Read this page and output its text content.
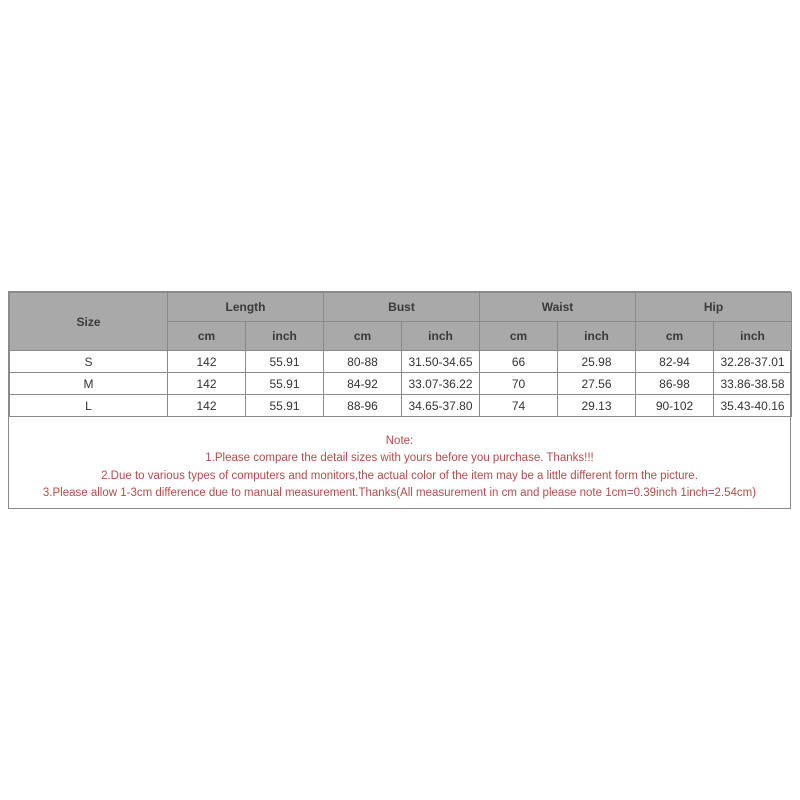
Size	Length		Bust		Waist		Hip	
	cm	inch	cm	inch	cm	inch	cm	inch
S	142	55.91	80-88	31.50-34.65	66	25.98	82-94	32.28-37.01
M	142	55.91	84-92	33.07-36.22	70	27.56	86-98	33.86-38.58
L	142	55.91	88-96	34.65-37.80	74	29.13	90-102	35.43-40.16
Note:
1.Please compare the detail sizes with yours before you purchase. Thanks!!!
2.Due to various types of computers and monitors,the actual color of the item may be a little different form the picture.
3.Please allow 1-3cm difference due to manual measurement.Thanks(All measurement in cm and please note 1cm=0.39inch 1inch=2.54cm)
